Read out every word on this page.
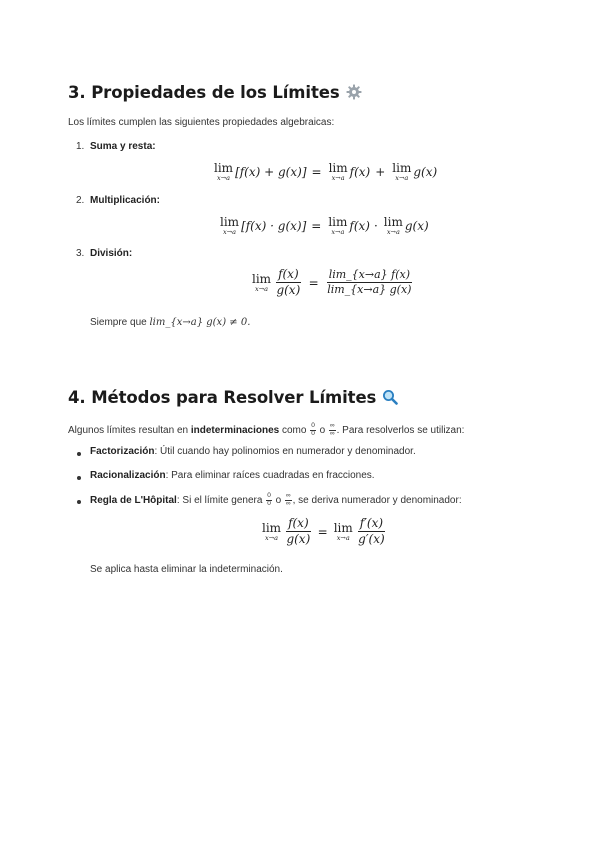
3. Propiedades de los Límites

Los límites cumplen las siguientes propiedades algebraicas:

1. Suma y resta:
lim
x→a [f(x) + g(x)] = lim
x→a f(x) + lim
x→a g(x)
2. Multiplicación:
lim
x→a [f(x) · g(x)] = lim
x→a f(x) · lim
x→a g(x)
3. División:
lim
$x\to a \frac{f(x)}{g(x)} = \frac{\lim\_\{x\to a\} f(x)}{\lim\_\{x\to a\} g(x)}$

Siempre que lim_{x→a} g(x) ≠ 0.

4. Métodos para Resolver Límites

Algunos límites resultan en
indeterminaciones
como
$\frac{0}{0}$
o
∞
∞ . Para resolverlos se utilizan:

Factorización: Útil cuando hay polinomios en numerador y denominador.

Racionalización: Para eliminar raíces cuadradas en fracciones.

Regla de L'Hôpital : Si el límite genera
$\frac{0}{0}$
o
∞
∞ , se deriva numerador y denominador:

lim
$x\to a \frac{f(x)}{g(x)} = \lim$
$x\to a \frac{f'(x)}{g'(x)}$

Se aplica hasta eliminar la indeterminación.
